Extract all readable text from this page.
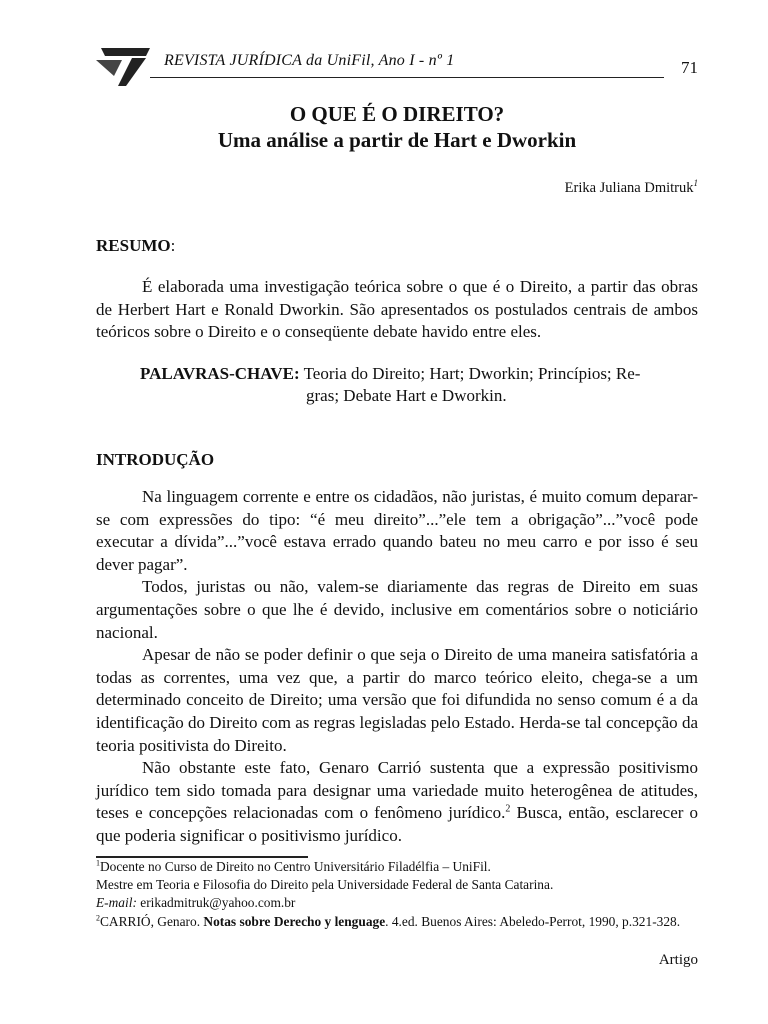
REVISTA JURÍDICA da UniFil, Ano I - nº 1	71
O QUE É O DIREITO?
Uma análise a partir de Hart e Dworkin
Erika Juliana Dmitruk$^1$
RESUMO:

É elaborada uma investigação teórica sobre o que é o Direito, a partir das obras de Herbert Hart e Ronald Dworkin. São apresentados os postulados centrais de ambos teóricos sobre o Direito e o conseqüente debate havido entre eles.

PALAVRAS-CHAVE: Teoria do Direito; Hart; Dworkin; Princípios; Re-
gras; Debate Hart e Dworkin.
INTRODUÇÃO

Na linguagem corrente e entre os cidadãos, não juristas, é muito comum deparar-se com expressões do tipo: “é meu direito”...”ele tem a obrigação”...”você pode executar a dívida”...”você estava errado quando bateu no meu carro e por isso é seu dever pagar”.

Todos, juristas ou não, valem-se diariamente das regras de Direito em suas argumentações sobre o que lhe é devido, inclusive em comentários sobre o noticiário nacional.

Apesar de não se poder definir o que seja o Direito de uma maneira satisfatória a todas as correntes, uma vez que, a partir do marco teórico eleito, chega-se a um determinado conceito de Direito; uma versão que foi difundida no senso comum é a da identificação do Direito com as regras legisladas pelo Estado. Herda-se tal concepção da teoria positivista do Direito.

Não obstante este fato, Genaro Carrió sustenta que a expressão positivismo jurídico tem sido tomada para designar uma variedade muito heterogênea de atitudes, teses e concepções relacionadas com o fenômeno jurídico.$^2$ Busca, então, esclarecer o que poderia significar o positivismo jurídico.

$^1$Docente no Curso de Direito no Centro Universitário Filadélfia – UniFil.
Mestre em Teoria e Filosofia do Direito pela Universidade Federal de Santa Catarina.
E-mail: erikadmitruk@yahoo.com.br
$^2$CARRIÓ, Genaro. Notas sobre Derecho y lenguage. 4.ed. Buenos Aires: Abeledo-Perrot, 1990, p.321-328.
Artigo
